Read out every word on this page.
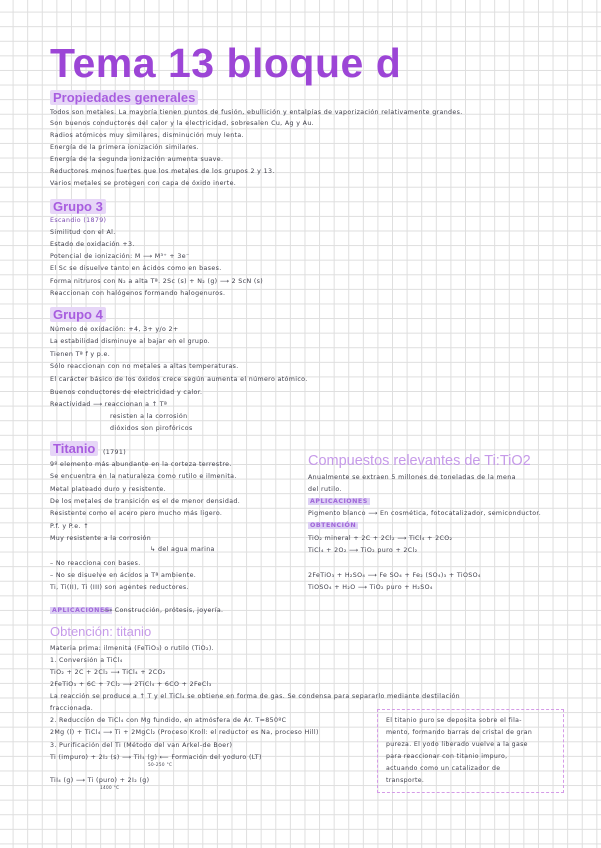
Tema 13 bloque d
Propiedades generales
Todos son metales. La mayoría tienen puntos de fusión, ebullición y entalpías de vaporización relativamente grandes.
Son buenos conductores del calor y la electricidad, sobresalen Cu, Ag y Au.
Radios atómicos muy similares, disminución muy lenta.
Energía de la primera ionización similares.
Energía de la segunda ionización aumenta suave.
Reductores menos fuertes que los metales de los grupos 2 y 13.
Varios metales se protegen con capa de óxido inerte.
Grupo 3
Escandio (1879)
Similitud con el Al.
Estado de oxidación +3.
Potencial de ionización: M ⟶ M³⁺ + 3e⁻
El Sc se disuelve tanto en ácidos como en bases.
Forma nitruros con N₂ a alta Tª. 2Sc (s) + N₂ (g) ⟶ 2 ScN (s)
Reaccionan con halógenos formando halogenuros.
Grupo 4
Número de oxidación: +4, 3+ y/o 2+
La estabilidad disminuye al bajar en el grupo.
Tienen Tª f y p.e.
Sólo reaccionan con no metales a altas temperaturas.
El carácter básico de los óxidos crece según aumenta el número atómico.
Buenos conductores de electricidad y calor.
Reactividad ⟶ reaccionan a ↑ Tª
resisten a la corrosión
dióxidos son pirofóricos
Titanio	(1791)
9º elemento más abundante en la corteza terrestre.
Se encuentra en la naturaleza como rutilo e ilmenita.
Metal plateado duro y resistente.
De los metales de transición es el de menor densidad.
Resistente como el acero pero mucho más ligero.
P.f. y P.e. ↑
Muy resistente a la corrosión
↳ del agua marina
– No reacciona con bases.
– No se disuelve en ácidos a Tª ambiente.
Ti, Ti(II), Ti (III) son agentes reductores.
APLICACIONES
⟶ Construcción, prótesis, joyería.
Compuestos relevantes de Ti:TiO2
Anualmente se extraen 5 millones de toneladas de la mena
del rutilo.
APLICACIONES
Pigmento blanco ⟶ En cosmética, fotocatalizador, semiconductor.
OBTENCIÓN
TiO₂ mineral + 2C + 2Cl₂ ⟶ TiCl₄ + 2CO₂
TiCl₄ + 2O₂ ⟶ TiO₂ puro + 2Cl₂
2FeTiO₃ + H₂SO₄ ⟶ Fe SO₄ + Fe₂ (SO₄)₃ + TiOSO₄
TiOSO₄ + H₂O ⟶ TiO₂ puro + H₂SO₄
Obtención: titanio
Materia prima: ilmenita (FeTiO₃) o rutilo (TiO₂).
1. Conversión a TiCl₄
TiO₂ + 2C + 2Cl₂ ⟶ TiCl₄ + 2CO₂
2FeTiO₃ + 6C + 7Cl₂ ⟶ 2TiCl₄ + 6CO + 2FeCl₃
La reacción se produce a ↑ T y el TiCl₄ se obtiene en forma de gas. Se condensa para separarlo mediante destilación
fraccionada.
2. Reducción de TiCl₄ con Mg fundido, en atmósfera de Ar. T=850ºC
2Mg (l) + TiCl₄ ⟶ Ti + 2MgCl₂ (Proceso Kroll: el reductor es Na, proceso Hill)
3. Purificación del Ti (Método del van Arkel-de Boer)
Ti (impuro) + 2I₂ (s) ⟶ TiI₄ (g) ⟵ Formación del yoduro (LT)
50-250 °C
TiI₄ (g) ⟶ Ti (puro) + 2I₂ (g)
1400 °C
El titanio puro se deposita sobre el fila-
mento, formando barras de cristal de gran
pureza. El yodo liberado vuelve a la gase
para reaccionar con titanio impuro,
actuando como un catalizador de
transporte.
